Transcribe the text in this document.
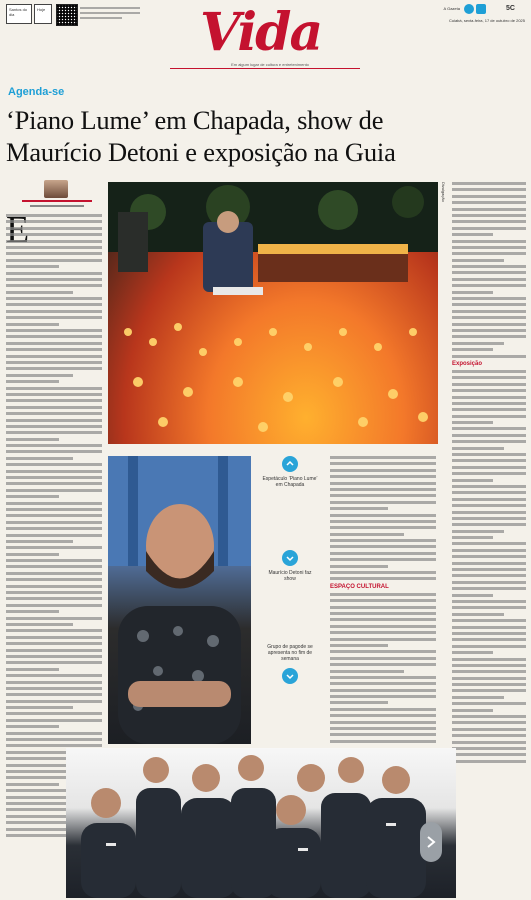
Santos do dia
Hoje	Vida
Em algum lugar de cultura e entretenimento
A Gazeta	5C
Cuiabá, sexta-feira, 17 de outubro de 2025
Agenda-se
‘Piano Lume’ em Chapada, show de
Maurício Detoni e exposição na Guia
Divulgação
Espetáculo ‘Piano Lume’ em Chapada
Maurício Detoni faz show
Grupo de pagode se apresenta no fim de semana
ESPAÇO CULTURAL
Exposição
